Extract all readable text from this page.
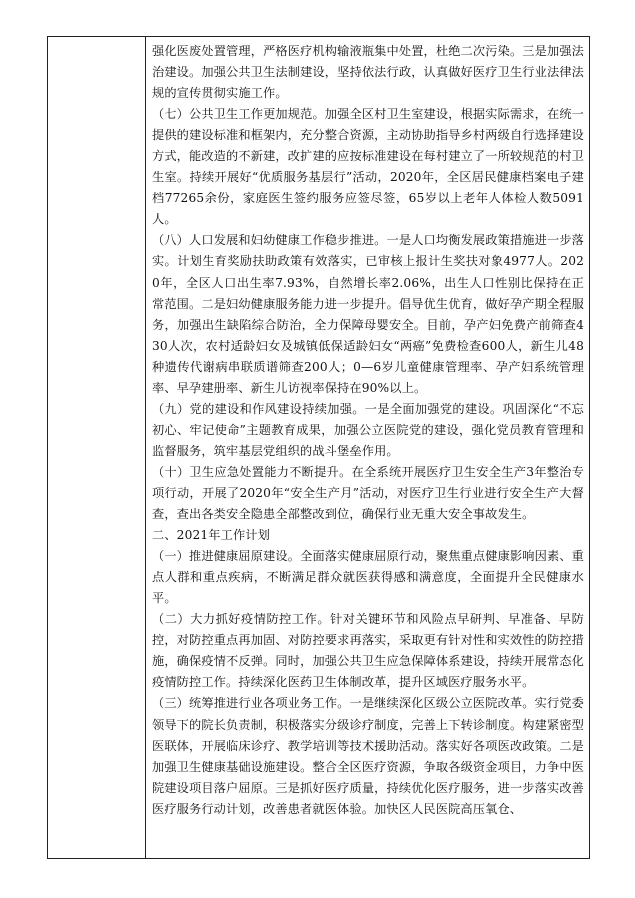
强化医废处置管理，严格医疗机构输液瓶集中处置，杜绝二次污染。三是加强法治建设。加强公共卫生法制建设，坚持依法行政，认真做好医疗卫生行业法律法规的宣传贯彻实施工作。

（七）公共卫生工作更加规范。加强全区村卫生室建设，根据实际需求，在统一提供的建设标准和框架内，充分整合资源，主动协助指导乡村两级自行选择建设方式，能改造的不新建，改扩建的应按标准建设在每村建立了一所较规范的村卫生室。持续开展好“优质服务基层行”活动，2020年，全区居民健康档案电子建档77265余份，家庭医生签约服务应签尽签，65岁以上老年人体检人数5091人。

（八）人口发展和妇幼健康工作稳步推进。一是人口均衡发展政策措施进一步落实。计划生育奖励扶助政策有效落实，已审核上报计生奖扶对象4977人。2020年，全区人口出生率7.93%，自然增长率2.06%，出生人口性别比保持在正常范围。二是妇幼健康服务能力进一步提升。倡导优生优育，做好孕产期全程服务，加强出生缺陷综合防治，全力保障母婴安全。目前，孕产妇免费产前筛查430人次，农村适龄妇女及城镇低保适龄妇女“两癌”免费检查600人，新生儿48种遗传代谢病串联质谱筛查200人；0—6岁儿童健康管理率、孕产妇系统管理率、早孕建册率、新生儿访视率保持在90%以上。

（九）党的建设和作风建设持续加强。一是全面加强党的建设。巩固深化“不忘初心、牢记使命”主题教育成果，加强公立医院党的建设，强化党员教育管理和监督服务，筑牢基层党组织的战斗堡垒作用。

（十）卫生应急处置能力不断提升。在全系统开展医疗卫生安全生产3年整治专项行动，开展了2020年“安全生产月”活动，对医疗卫生行业进行安全生产大督查，查出各类安全隐患全部整改到位，确保行业无重大安全事故发生。

二、2021年工作计划

（一）推进健康屈原建设。全面落实健康屈原行动，聚焦重点健康影响因素、重点人群和重点疾病，不断满足群众就医获得感和满意度，全面提升全民健康水平。

（二）大力抓好疫情防控工作。针对关键环节和风险点早研判、早准备、早防控，对防控重点再加固、对防控要求再落实，采取更有针对性和实效性的防控措施，确保疫情不反弹。同时，加强公共卫生应急保障体系建设，持续开展常态化疫情防控工作。持续深化医药卫生体制改革，提升区域医疗服务水平。

（三）统筹推进行业各项业务工作。一是继续深化区级公立医院改革。实行党委领导下的院长负责制，积极落实分级诊疗制度，完善上下转诊制度。构建紧密型医联体，开展临床诊疗、教学培训等技术援助活动。落实好各项医改政策。二是加强卫生健康基础设施建设。整合全区医疗资源，争取各级资金项目，力争中医院建设项目落户屈原。三是抓好医疗质量，持续优化医疗服务，进一步落实改善医疗服务行动计划，改善患者就医体验。加快区人民医院高压氧仓、
